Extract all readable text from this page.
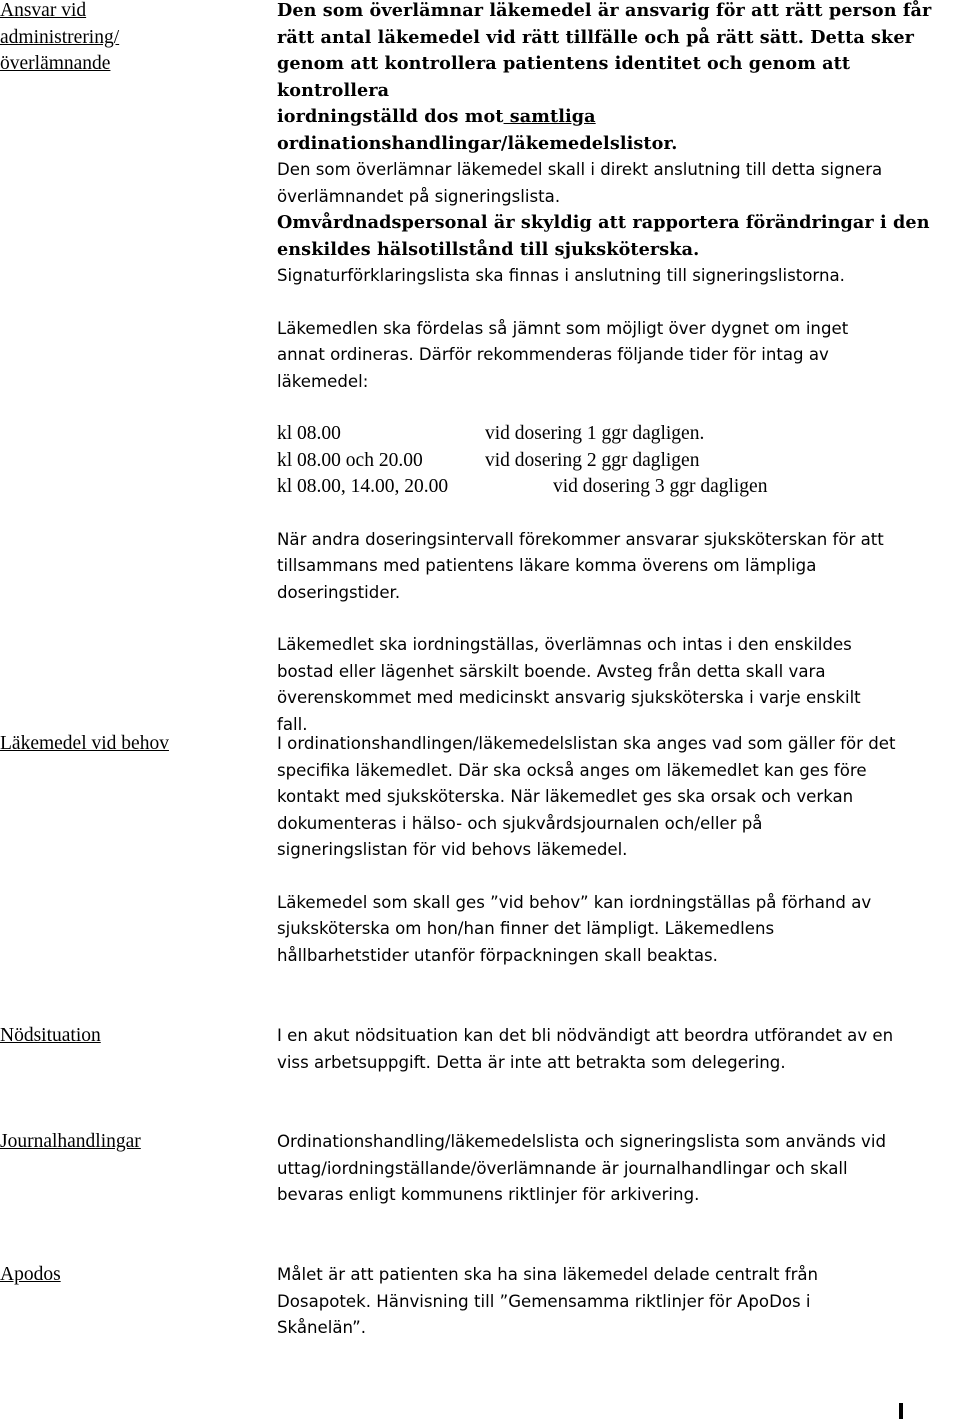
Ansvar vid
administrering/
överlämnande

Den som överlämnar läkemedel är ansvarig för att rätt person får
rätt antal läkemedel vid rätt tillfälle och på rätt sätt. Detta sker
genom att kontrollera patientens identitet och genom att kontrollera
iordningställd dos mot samtliga
ordinationshandlingar/läkemedelslistor.

Den som överlämnar läkemedel skall i direkt anslutning till detta signera
överlämnandet på signeringslista.

Omvårdnadspersonal är skyldig att rapportera förändringar i den
enskildes hälsotillstånd till sjuksköterska.

Signaturförklaringslista ska finnas i anslutning till signeringslistorna.

Läkemedlen ska fördelas så jämnt som möjligt över dygnet om inget
annat ordineras. Därför rekommenderas följande tider för intag av
läkemedel:

kl 08.00	vid dosering 1 ggr dagligen.
kl 08.00 och 20.00	vid dosering 2 ggr dagligen
kl 08.00, 14.00, 20.00	vid dosering 3 ggr dagligen

När andra doseringsintervall förekommer ansvarar sjuksköterskan för att
tillsammans med patientens läkare komma överens om lämpliga
doseringstider.

Läkemedlet ska iordningställas, överlämnas och intas i den enskildes
bostad eller lägenhet särskilt boende. Avsteg från detta skall vara
överenskommet med medicinskt ansvarig sjuksköterska i varje enskilt
fall.

Läkemedel vid behov	I ordinationshandlingen/läkemedelslistan ska anges vad som gäller för det
specifika läkemedlet. Där ska också anges om läkemedlet kan ges före
kontakt med sjuksköterska. När läkemedlet ges ska orsak och verkan
dokumenteras i hälso- och sjukvårdsjournalen och/eller på
signeringslistan för vid behovs läkemedel.

Läkemedel som skall ges ”vid behov” kan iordningställas på förhand av
sjuksköterska om hon/han finner det lämpligt. Läkemedlens
hållbarhetstider utanför förpackningen skall beaktas.

Nödsituation	I en akut nödsituation kan det bli nödvändigt att beordra utförandet av en
viss arbetsuppgift. Detta är inte att betrakta som delegering.

Journalhandlingar	Ordinationshandling/läkemedelslista och signeringslista som används vid
uttag/iordningställande/överlämnande är journalhandlingar och skall
bevaras enligt kommunens riktlinjer för arkivering.

Apodos	Målet är att patienten ska ha sina läkemedel delade centralt från
Dosapotek. Hänvisning till ”Gemensamma riktlinjer för ApoDos i
Skånelän”.
